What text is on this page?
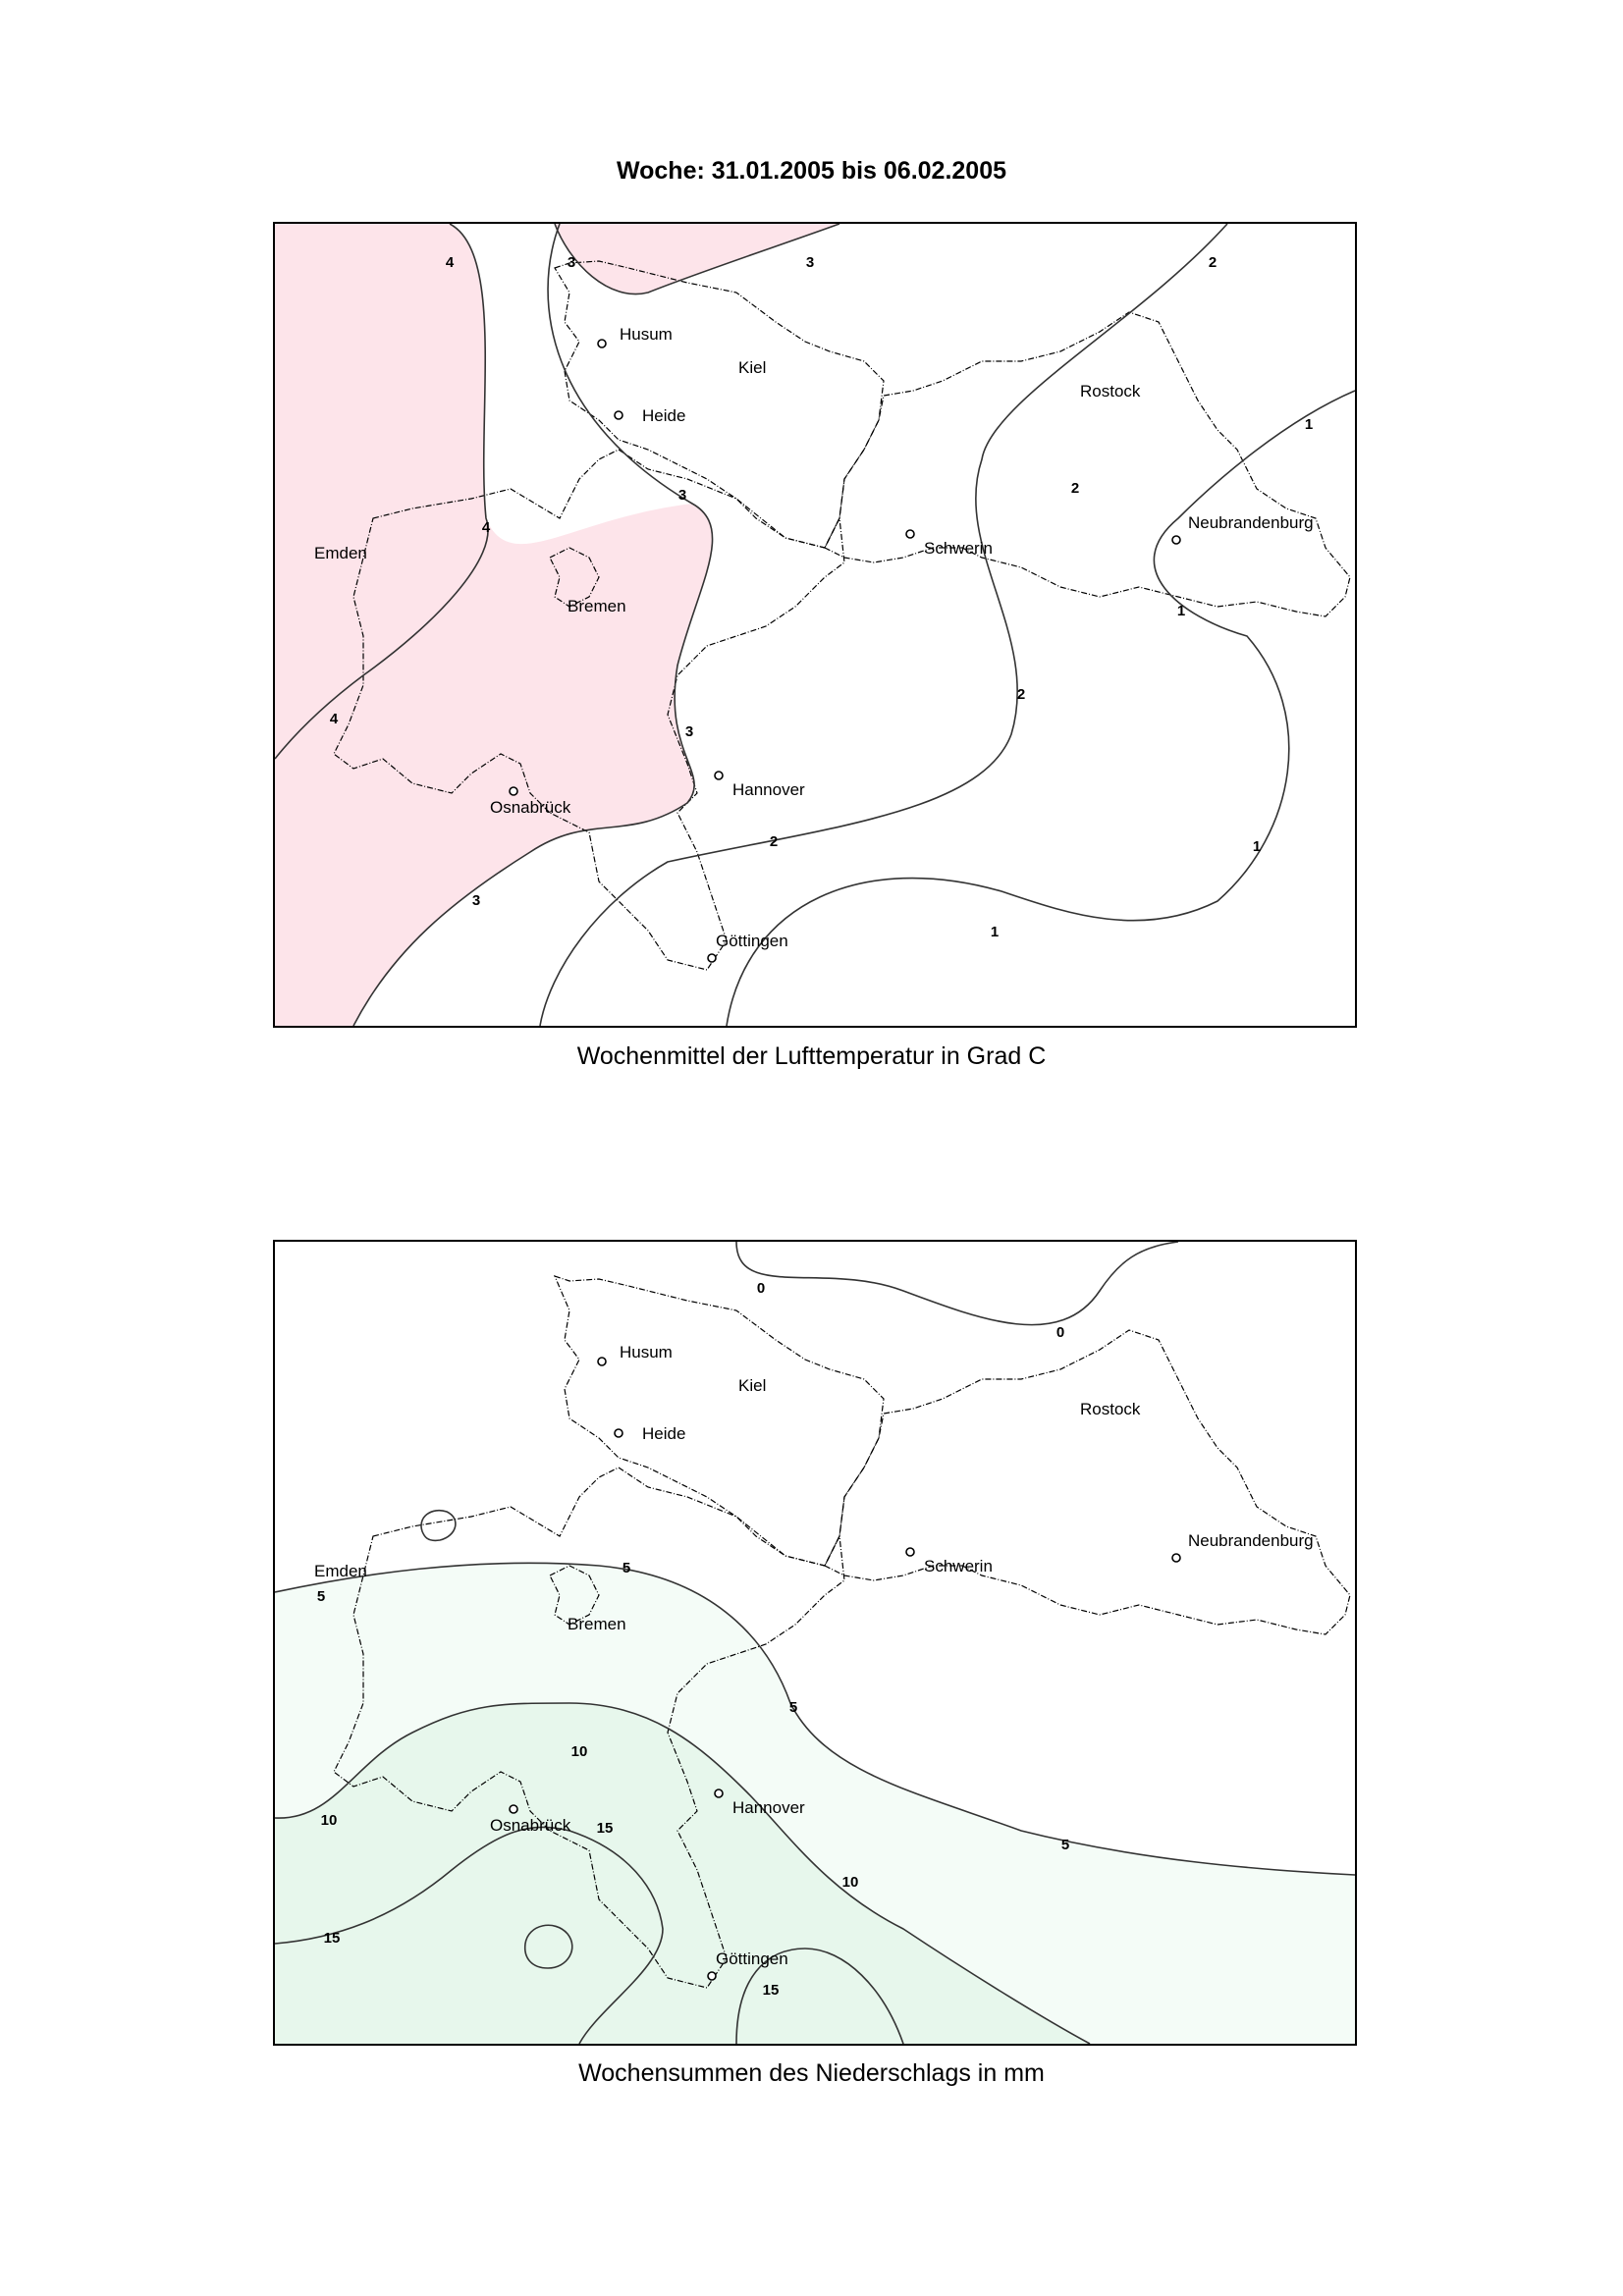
Woche: 31.01.2005 bis 06.02.2005
4
4
4
3	3
3
3
3
2
2
2
2
1
1
1
1
Husum
Kiel
Heide
Rostock
Neubrandenburg
Schwerin
Emden
Bremen
Hannover
Osnabrück
Göttingen
Wochenmittel der Lufttemperatur in Grad C
0
0
5
5
5
5
10
10
10
15
15
15
Husum
Kiel
Heide
Rostock
Neubrandenburg
Schwerin
Emden
Bremen
Hannover
Osnabrück
Göttingen
Wochensummen des Niederschlags in mm
